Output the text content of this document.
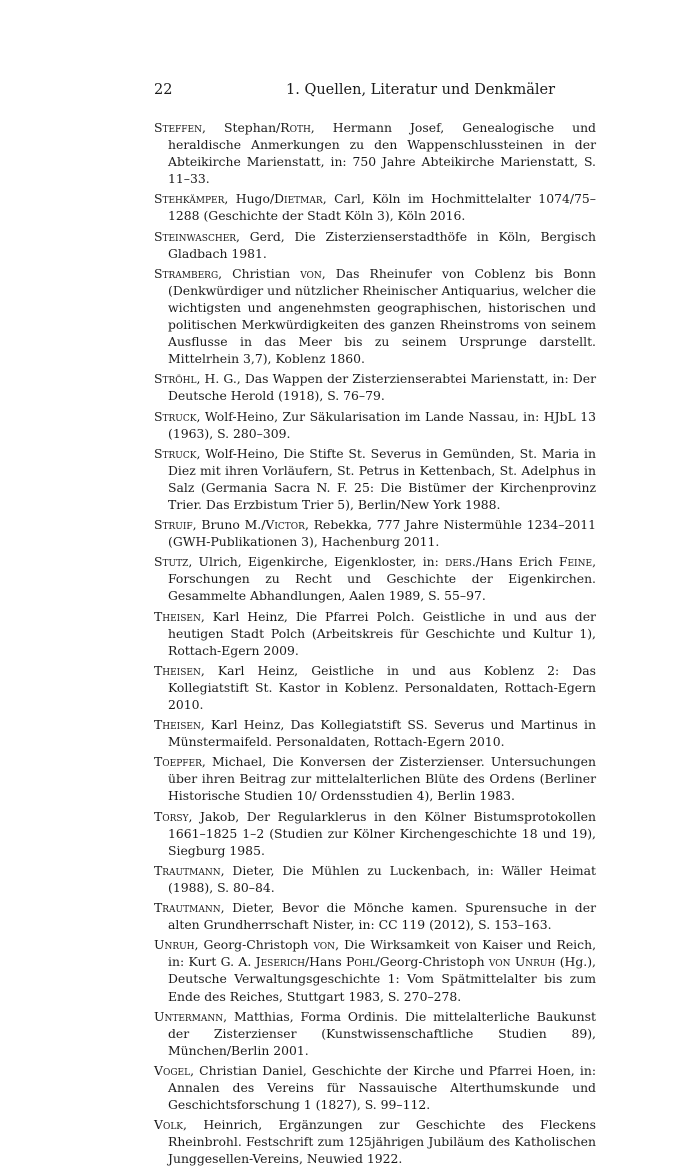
22	1. Quellen, Literatur und Denkmäler

Steffen, Stephan/Roth, Hermann Josef, Genealogische und heraldische Anmerkungen zu den Wappenschlussteinen in der Abteikirche Marienstatt, in: 750 Jahre Abteikirche Marienstatt, S. 11–33.

Stehkämper, Hugo/Dietmar, Carl, Köln im Hochmittelalter 1074/75–1288 (Geschichte der Stadt Köln 3), Köln 2016.

Steinwascher, Gerd, Die Zisterzienserstadthöfe in Köln, Bergisch Gladbach 1981.

Stramberg, Christian von, Das Rheinufer von Coblenz bis Bonn (Denkwürdiger und nützlicher Rheinischer Antiquarius, welcher die wichtigsten und angenehmsten geographischen, historischen und politischen Merkwürdigkeiten des ganzen Rheinstroms von seinem Ausflusse in das Meer bis zu seinem Ursprunge darstellt. Mittelrhein 3,7), Koblenz 1860.

Ströhl, H. G., Das Wappen der Zisterzienserabtei Marienstatt, in: Der Deutsche Herold (1918), S. 76–79.

Struck, Wolf-Heino, Zur Säkularisation im Lande Nassau, in: HJbL 13 (1963), S. 280–309.

Struck, Wolf-Heino, Die Stifte St. Severus in Gemünden, St. Maria in Diez mit ihren Vorläufern, St. Petrus in Kettenbach, St. Adelphus in Salz (Germania Sacra N. F. 25: Die Bistümer der Kirchenprovinz Trier. Das Erzbistum Trier 5), Berlin/New York 1988.

Struif, Bruno M./Victor, Rebekka, 777 Jahre Nistermühle 1234–2011 (GWH-Publikationen 3), Hachenburg 2011.

Stutz, Ulrich, Eigenkirche, Eigenkloster, in: ders./Hans Erich Feine, Forschungen zu Recht und Geschichte der Eigenkirchen. Gesammelte Abhandlungen, Aalen 1989, S. 55–97.

Theisen, Karl Heinz, Die Pfarrei Polch. Geistliche in und aus der heutigen Stadt Polch (Arbeitskreis für Geschichte und Kultur 1), Rottach-Egern 2009.

Theisen, Karl Heinz, Geistliche in und aus Koblenz 2: Das Kollegiatstift St. Kastor in Koblenz. Personaldaten, Rottach-Egern 2010.

Theisen, Karl Heinz, Das Kollegiatstift SS. Severus und Martinus in Münstermaifeld. Personaldaten, Rottach-Egern 2010.

Toepfer, Michael, Die Konversen der Zisterzienser. Untersuchungen über ihren Beitrag zur mittelalterlichen Blüte des Ordens (Berliner Historische Studien 10/ Ordensstudien 4), Berlin 1983.

Torsy, Jakob, Der Regularklerus in den Kölner Bistumsprotokollen 1661–1825 1–2 (Studien zur Kölner Kirchengeschichte 18 und 19), Siegburg 1985.

Trautmann, Dieter, Die Mühlen zu Luckenbach, in: Wäller Heimat (1988), S. 80–84.

Trautmann, Dieter, Bevor die Mönche kamen. Spurensuche in der alten Grundherrschaft Nister, in: CC 119 (2012), S. 153–163.

Unruh, Georg-Christoph von, Die Wirksamkeit von Kaiser und Reich, in: Kurt G. A. Jeserich/Hans Pohl/Georg-Christoph von Unruh (Hg.), Deutsche Verwaltungsgeschichte 1: Vom Spätmittelalter bis zum Ende des Reiches, Stuttgart 1983, S. 270–278.

Untermann, Matthias, Forma Ordinis. Die mittelalterliche Baukunst der Zisterzienser (Kunstwissenschaftliche Studien 89), München/Berlin 2001.

Vogel, Christian Daniel, Geschichte der Kirche und Pfarrei Hoen, in: Annalen des Vereins für Nassauische Alterthumskunde und Geschichtsforschung 1 (1827), S. 99–112.

Volk, Heinrich, Ergänzungen zur Geschichte des Fleckens Rheinbrohl. Festschrift zum 125jährigen Jubiläum des Katholischen Junggesellen-Vereins, Neuwied 1922.
